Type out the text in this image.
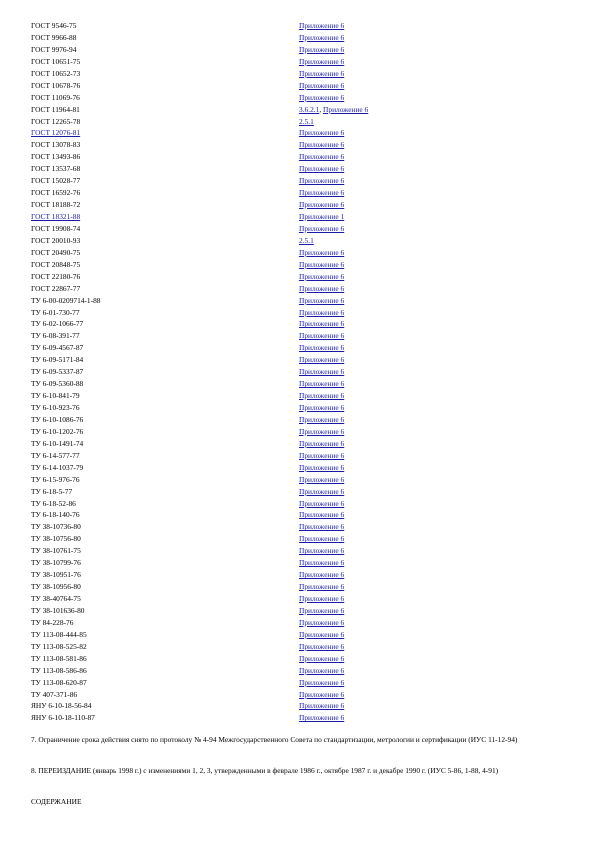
ГОСТ 9546-75	Приложение 6
ГОСТ 9966-88	Приложение 6
ГОСТ 9976-94	Приложение 6
ГОСТ 10651-75	Приложение 6
ГОСТ 10652-73	Приложение 6
ГОСТ 10678-76	Приложение 6
ГОСТ 11069-76	Приложение 6
ГОСТ 11964-81	3.6.2.1, Приложение 6
ГОСТ 12265-78	2.5.1
ГОСТ 12076-81	Приложение 6
ГОСТ 13078-83	Приложение 6
ГОСТ 13493-86	Приложение 6
ГОСТ 13537-68	Приложение 6
ГОСТ 15028-77	Приложение 6
ГОСТ 16592-76	Приложение 6
ГОСТ 18188-72	Приложение 6
ГОСТ 18321-88	Приложение 1
ГОСТ 19908-74	Приложение 6
ГОСТ 20010-93	2.5.1
ГОСТ 20490-75	Приложение 6
ГОСТ 20848-75	Приложение 6
ГОСТ 22180-76	Приложение 6
ГОСТ 22867-77	Приложение 6
ТУ 6-00-0209714-1-88	Приложение 6
ТУ 6-01-730-77	Приложение 6
ТУ 6-02-1066-77	Приложение 6
ТУ 6-08-391-77	Приложение 6
ТУ 6-09-4567-87	Приложение 6
ТУ 6-09-5171-84	Приложение 6
ТУ 6-09-5337-87	Приложение 6
ТУ 6-09-5360-88	Приложение 6
ТУ 6-10-841-79	Приложение 6
ТУ 6-10-923-76	Приложение 6
ТУ 6-10-1086-76	Приложение 6
ТУ 6-10-1202-76	Приложение 6
ТУ 6-10-1491-74	Приложение 6
ТУ 6-14-577-77	Приложение 6
ТУ 6-14-1037-79	Приложение 6
ТУ 6-15-976-76	Приложение 6
ТУ 6-18-5-77	Приложение 6
ТУ 6-18-52-86	Приложение 6
ТУ 6-18-140-76	Приложение 6
ТУ 38-10736-80	Приложение 6
ТУ 38-10756-80	Приложение 6
ТУ 38-10761-75	Приложение 6
ТУ 38-10799-76	Приложение 6
ТУ 38-10951-76	Приложение 6
ТУ 38-10956-80	Приложение 6
ТУ 38-40764-75	Приложение 6
ТУ 38-101636-80	Приложение 6
ТУ 84-228-76	Приложение 6
ТУ 113-08-444-85	Приложение 6
ТУ 113-08-525-82	Приложение 6
ТУ 113-08-581-86	Приложение 6
ТУ 113-08-586-86	Приложение 6
ТУ 113-08-620-87	Приложение 6
ТУ 407-371-86	Приложение 6
ЯНУ 6-10-18-56-84	Приложение 6
ЯНУ 6-10-18-110-87	Приложение 6
7. Ограничение срока действия снято по протоколу № 4-94 Межгосударственного Совета по стандартизации, метрологии и сертификации (ИУС 11-12-94)
8. ПЕРЕИЗДАНИЕ (январь 1998 г.) с изменениями 1, 2, 3, утвержденными в феврале 1986 г., октябре 1987 г. и декабре 1990 г. (ИУС 5-86, 1-88, 4-91)
СОДЕРЖАНИЕ
